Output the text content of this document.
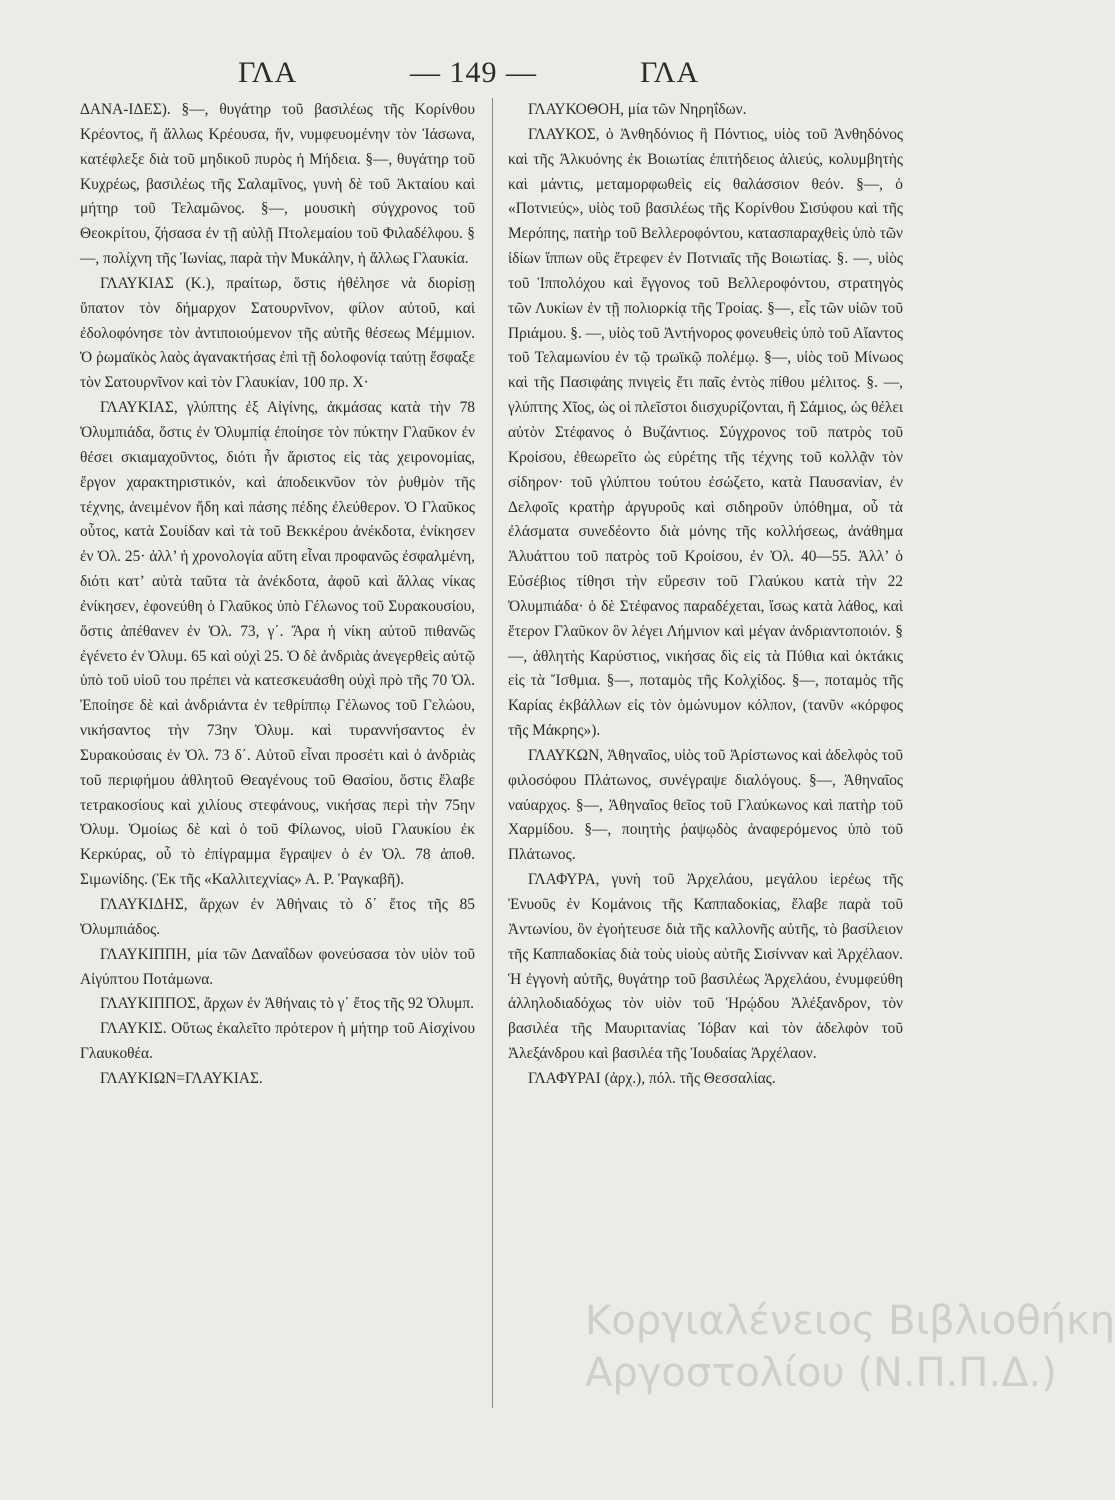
ΓΛΑ	— 149 —	ΓΛΑ

ΔΑΝΑ-ΙΔΕΣ). §—, θυγάτηρ τοῦ βασιλέως τῆς Κορίνθου Κρέοντος, ἤ ἄλλως Κρέουσα, ἥν, νυμφευομένην τὸν Ἰάσωνα, κατέφλεξε διὰ τοῦ μηδικοῦ πυρὸς ἡ Μήδεια. §—, θυγάτηρ τοῦ Κυχρέως, βασιλέως τῆς Σαλαμῖνος, γυνὴ δὲ τοῦ Ἀκταίου καὶ μήτηρ τοῦ Τελαμῶνος. §—, μουσικὴ σύγχρονος τοῦ Θεοκρίτου, ζήσασα ἐν τῇ αὐλῇ Πτολεμαίου τοῦ Φιλαδέλφου. §—, πολίχνη τῆς Ἰωνίας, παρὰ τὴν Μυκάλην, ἡ ἄλλως Γλαυκία.

ΓΛΑΥΚΙΑΣ (Κ.), πραίτωρ, ὅστις ἠθέλησε νὰ διορίσῃ ὕπατον τὸν δήμαρχον Σατουρνῖνον, φίλον αὐτοῦ, καὶ ἐδολοφόνησε τὸν ἀντιποιούμενον τῆς αὐτῆς θέσεως Μέμμιον. Ὁ ῥωμαϊκὸς λαὸς ἀγανακτήσας ἐπὶ τῇ δολοφονίᾳ ταύτῃ ἔσφαξε τὸν Σατουρνῖνον καὶ τὸν Γλαυκίαν, 100 πρ. Χ·

ΓΛΑΥΚΙΑΣ, γλύπτης ἐξ Αἰγίνης, ἀκμάσας κατὰ τὴν 78 Ὀλυμπιάδα, ὅστις ἐν Ὀλυμπίᾳ ἐποίησε τὸν πύκτην Γλαῦκον ἐν θέσει σκιαμαχοῦντος, διότι ἦν ἄριστος εἰς τὰς χειρονομίας, ἔργον χαρακτηριστικόν, καὶ ἀποδεικνῦον τὸν ῥυθμὸν τῆς τέχνης, ἀνειμένον ἤδη καὶ πάσης πέδης ἐλεύθερον. Ὁ Γλαῦκος οὗτος, κατὰ Σουίδαν καὶ τὰ τοῦ Βεκκέρου ἀνέκδοτα, ἐνίκησεν ἐν Ὀλ. 25· ἀλλ’ ἡ χρονολογία αὕτη εἶναι προφανῶς ἐσφαλμένη, διότι κατ’ αὐτὰ ταῦτα τὰ ἀνέκδοτα, ἀφοῦ καὶ ἄλλας νίκας ἐνίκησεν, ἐφονεύθη ὁ Γλαῦκος ὑπὸ Γέλωνος τοῦ Συρακουσίου, ὅστις ἀπέθανεν ἐν Ὀλ. 73, γ΄. Ἄρα ἡ νίκη αὐτοῦ πιθανῶς ἐγένετο ἐν Ὀλυμ. 65 καὶ οὐχὶ 25. Ὁ δὲ ἀνδριὰς ἀνεγερθεὶς αὐτῷ ὑπὸ τοῦ υἱοῦ του πρέπει νὰ κατεσκευάσθη οὐχὶ πρὸ τῆς 70 Ὀλ. Ἐποίησε δὲ καὶ ἀνδριάντα ἐν τεθρίππῳ Γέλωνος τοῦ Γελώου, νικήσαντος τὴν 73ην Ὀλυμ. καὶ τυραννήσαντος ἐν Συρακούσαις ἐν Ὀλ. 73 δ΄. Αὐτοῦ εἶναι προσέτι καὶ ὁ ἀνδριὰς τοῦ περιφήμου ἀθλητοῦ Θεαγένους τοῦ Θασίου, ὅστις ἔλαβε τετρακοσίους καὶ χιλίους στεφάνους, νικήσας περὶ τὴν 75ην Ὀλυμ. Ὁμοίως δὲ καὶ ὁ τοῦ Φίλωνος, υἱοῦ Γλαυκίου ἐκ Κερκύρας, οὗ τὸ ἐπίγραμμα ἔγραψεν ὁ ἐν Ὀλ. 78 ἀποθ. Σιμωνίδης. (Ἐκ τῆς «Καλλιτεχνίας» Α. Ρ. Ῥαγκαβῆ).

ΓΛΑΥΚΙΔΗΣ, ἄρχων ἐν Ἀθήναις τὸ δ΄ ἔτος τῆς 85 Ὀλυμπιάδος.

ΓΛΑΥΚΙΠΠΗ, μία τῶν Δαναΐδων φονεύσασα τὸν υἱὸν τοῦ Αἰγύπτου Ποτάμωνα.

ΓΛΑΥΚΙΠΠΟΣ, ἄρχων ἐν Ἀθήναις τὸ γ΄ ἔτος τῆς 92 Ὀλυμπ.

ΓΛΑΥΚΙΣ. Οὕτως ἐκαλεῖτο πρότερον ἡ μήτηρ τοῦ Αἰσχίνου Γλαυκοθέα.

ΓΛΑΥΚΙΩΝ=ΓΛΑΥΚΙΑΣ.

ΓΛΑΥΚΟΘΟΗ, μία τῶν Νηρηΐδων.

ΓΛΑΥΚΟΣ, ὁ Ἀνθηδόνιος ἢ Πόντιος, υἱὸς τοῦ Ἀνθηδόνος καὶ τῆς Ἀλκυόνης ἐκ Βοιωτίας ἐπιτήδειος ἁλιεύς, κολυμβητὴς καὶ μάντις, μεταμορφωθεὶς εἰς θαλάσσιον θεόν. §—, ὁ «Ποτνιεύς», υἱὸς τοῦ βασιλέως τῆς Κορίνθου Σισύφου καὶ τῆς Μερόπης, πατὴρ τοῦ Βελλεροφόντου, κατασπαραχθεὶς ὑπὸ τῶν ἰδίων ἵππων οὓς ἔτρεφεν ἐν Ποτνιαῖς τῆς Βοιωτίας. §. —, υἱὸς τοῦ Ἱππολόχου καὶ ἔγγονος τοῦ Βελλεροφόντου, στρατηγὸς τῶν Λυκίων ἐν τῇ πολιορκίᾳ τῆς Τροίας. §—, εἷς τῶν υἱῶν τοῦ Πριάμου. §. —, υἱὸς τοῦ Ἀντήνορος φονευθεὶς ὑπὸ τοῦ Αἴαντος τοῦ Τελαμωνίου ἐν τῷ τρωϊκῷ πολέμῳ. §—, υἱὸς τοῦ Μίνωος καὶ τῆς Πασιφάης πνιγεὶς ἔτι παῖς ἐντὸς πίθου μέλιτος. §. —, γλύπτης Χῖος, ὡς οἱ πλεῖστοι διισχυρίζονται, ἢ Σάμιος, ὡς θέλει αὐτὸν Στέφανος ὁ Βυζάντιος. Σύγχρονος τοῦ πατρὸς τοῦ Κροίσου, ἐθεωρεῖτο ὡς εὑρέτης τῆς τέχνης τοῦ κολλᾷν τὸν σίδηρον· τοῦ γλύπτου τούτου ἐσώζετο, κατὰ Παυσανίαν, ἐν Δελφοῖς κρατὴρ ἀργυροῦς καὶ σιδηροῦν ὑπόθημα, οὗ τὰ ἐλάσματα συνεδέοντο διὰ μόνης τῆς κολλήσεως, ἀνάθημα Ἀλυάττου τοῦ πατρὸς τοῦ Κροίσου, ἐν Ὀλ. 40—55. Ἀλλ’ ὁ Εὐσέβιος τίθησι τὴν εὕρεσιν τοῦ Γλαύκου κατὰ τὴν 22 Ὀλυμπιάδα· ὁ δὲ Στέφανος παραδέχεται, ἴσως κατὰ λάθος, καὶ ἕτερον Γλαῦκον ὃν λέγει Λήμνιον καὶ μέγαν ἀνδριαντοποιόν. §—, ἀθλητὴς Καρύστιος, νικήσας δὶς εἰς τὰ Πύθια καὶ ὀκτάκις εἰς τὰ Ἴσθμια. §—, ποταμὸς τῆς Κολχίδος. §—, ποταμὸς τῆς Καρίας ἐκβάλλων εἰς τὸν ὁμώνυμον κόλπον, (τανῦν «κόρφος τῆς Μάκρης»).

ΓΛΑΥΚΩΝ, Ἀθηναῖος, υἱὸς τοῦ Ἀρίστωνος καὶ ἀδελφὸς τοῦ φιλοσόφου Πλάτωνος, συνέγραψε διαλόγους. §—, Ἀθηναῖος ναύαρχος. §—, Ἀθηναῖος θεῖος τοῦ Γλαύκωνος καὶ πατὴρ τοῦ Χαρμίδου. §—, ποιητὴς ῥαψῳδὸς ἀναφερόμενος ὑπὸ τοῦ Πλάτωνος.

ΓΛΑΦΥΡΑ, γυνὴ τοῦ Ἀρχελάου, μεγάλου ἱερέως τῆς Ἐνυοῦς ἐν Κομάνοις τῆς Καππαδοκίας, ἔλαβε παρὰ τοῦ Ἀντωνίου, ὃν ἐγοήτευσε διὰ τῆς καλλονῆς αὐτῆς, τὸ βασίλειον τῆς Καππαδοκίας διὰ τοὺς υἱοὺς αὐτῆς Σισίνναν καὶ Ἀρχέλαον. Ἡ ἐγγονὴ αὐτῆς, θυγάτηρ τοῦ βασιλέως Ἀρχελάου, ἐνυμφεύθη ἀλληλοδιαδόχως τὸν υἱὸν τοῦ Ἡρῴδου Ἀλέξανδρον, τὸν βασιλέα τῆς Μαυριτανίας Ἰόβαν καὶ τὸν ἀδελφὸν τοῦ Ἀλεξάνδρου καὶ βασιλέα τῆς Ἰουδαίας Ἀρχέλαον.

ΓΛΑΦΥΡΑΙ (ἀρχ.), πόλ. τῆς Θεσσαλίας.

Κοργιαλένειος Βιβλιοθήκη
Αργοστολίου (Ν.Π.Π.Δ.)
